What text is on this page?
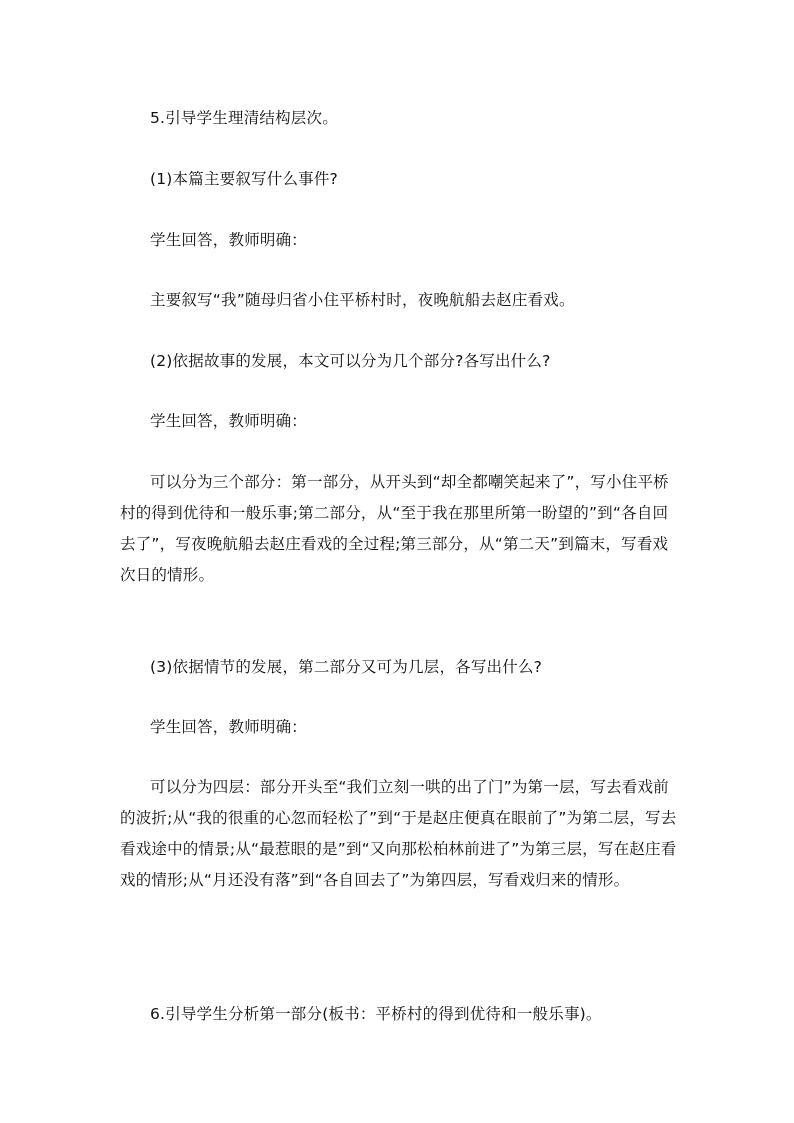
5.引导学生理清结构层次。

(1)本篇主要叙写什么事件?

学生回答，教师明确：

主要叙写“我”随母归省小住平桥村时，夜晚航船去赵庄看戏。

(2)依据故事的发展，本文可以分为几个部分?各写出什么?

学生回答，教师明确：

可以分为三个部分：第一部分，从开头到“却全都嘲笑起来了”，写小住平桥村的得到优待和一般乐事;第二部分，从“至于我在那里所第一盼望的”到“各自回去了”，写夜晚航船去赵庄看戏的全过程;第三部分，从“第二天”到篇末，写看戏次日的情形。

(3)依据情节的发展，第二部分又可为几层，各写出什么?

学生回答，教师明确：

可以分为四层：部分开头至“我们立刻一哄的出了门”为第一层，写去看戏前的波折;从“我的很重的心忽而轻松了”到“于是赵庄便真在眼前了”为第二层，写去看戏途中的情景;从“最惹眼的是”到“又向那松柏林前进了”为第三层，写在赵庄看戏的情形;从“月还没有落”到“各自回去了”为第四层，写看戏归来的情形。

6.引导学生分析第一部分(板书：平桥村的得到优待和一般乐事)。
